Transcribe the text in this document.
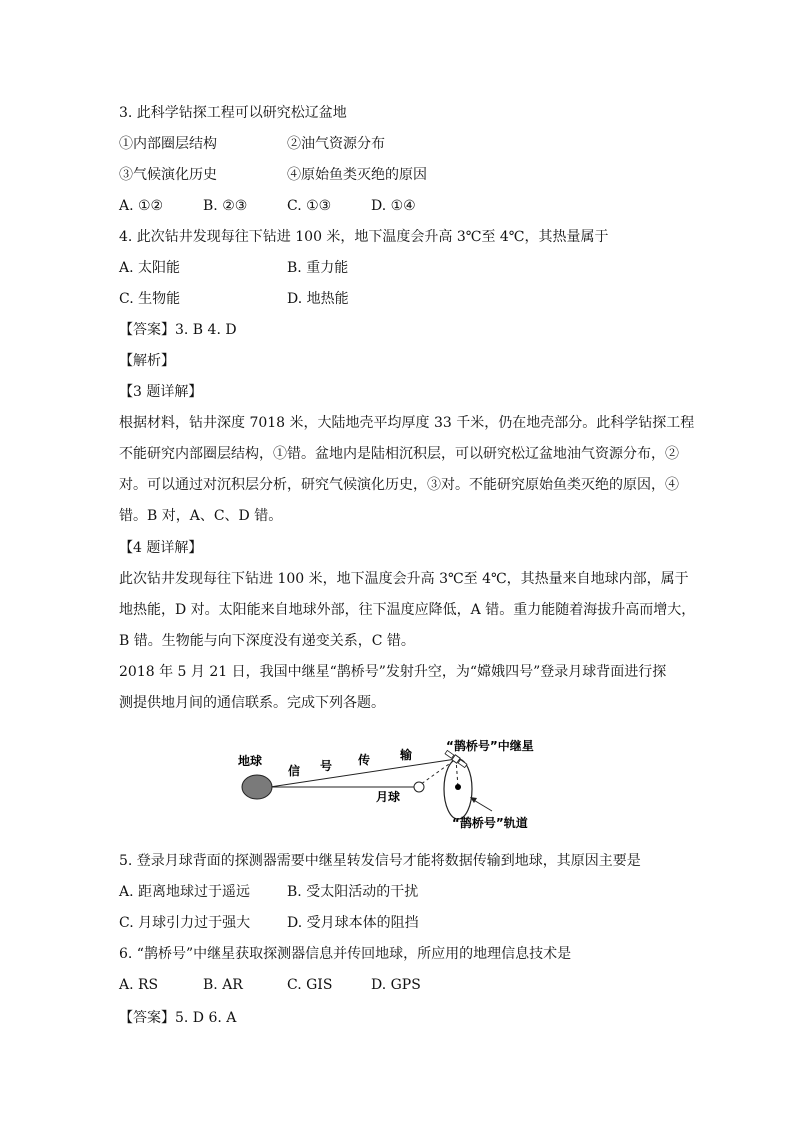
3. 此科学钻探工程可以研究松辽盆地
①内部圈层结构	②油气资源分布
③气候演化历史	④原始鱼类灭绝的原因
A. ①②	B. ②③	C. ①③	D. ①④
4. 此次钻井发现每往下钻进 100 米，地下温度会升高 3℃至 4℃，其热量属于
A. 太阳能	B. 重力能
C. 生物能	D. 地热能
【答案】3. B 4. D
【解析】
【3 题详解】
根据材料，钻井深度 7018 米，大陆地壳平均厚度 33 千米，仍在地壳部分。此科学钻探工程
不能研究内部圈层结构，①错。盆地内是陆相沉积层，可以研究松辽盆地油气资源分布，②
对。可以通过对沉积层分析，研究气候演化历史，③对。不能研究原始鱼类灭绝的原因，④
错。B 对，A、C、D 错。
【4 题详解】
此次钻井发现每往下钻进 100 米，地下温度会升高 3℃至 4℃，其热量来自地球内部，属于
地热能，D 对。太阳能来自地球外部，往下温度应降低，A 错。重力能随着海拔升高而增大，
B 错。生物能与向下深度没有递变关系，C 错。
2018 年 5 月 21 日，我国中继星“鹊桥号”发射升空，为“嫦娥四号”登录月球背面进行探
测提供地月间的通信联系。完成下列各题。
地球
信 号 传 输
月球
“鹊桥号”中继星
“鹊桥号”轨道
5. 登录月球背面的探测器需要中继星转发信号才能将数据传输到地球，其原因主要是
A. 距离地球过于遥远	B. 受太阳活动的干扰
C. 月球引力过于强大	D. 受月球本体的阻挡
6. “鹊桥号”中继星获取探测器信息并传回地球，所应用的地理信息技术是
A. RS	B. AR	C. GIS	D. GPS
【答案】5. D 6. A
